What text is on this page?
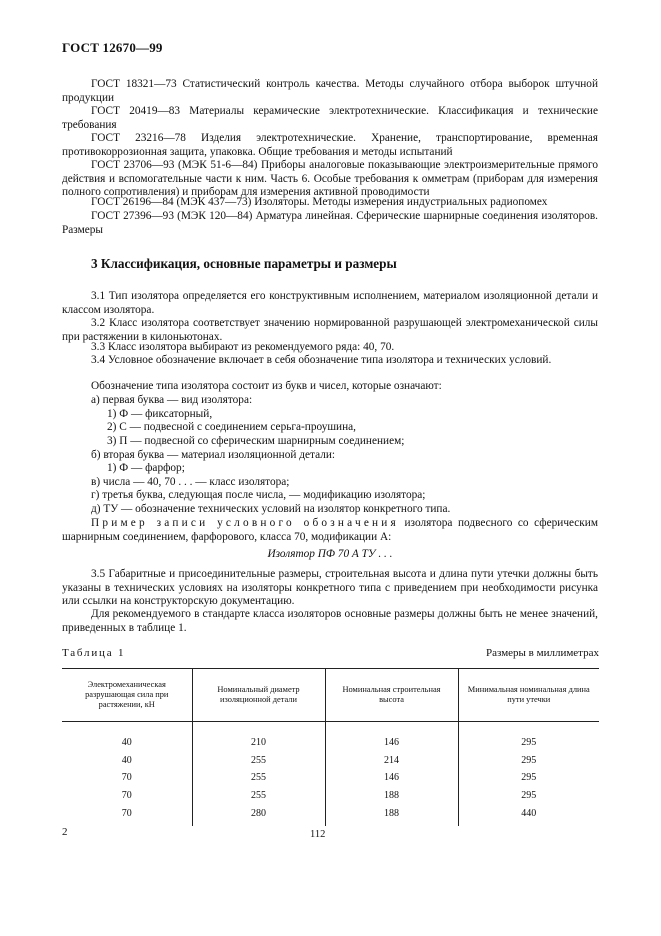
ГОСТ 12670—99
ГОСТ 18321—73 Статистический контроль качества. Методы случайного отбора выборок штучной продукции
ГОСТ 20419—83 Материалы керамические электротехнические. Классификация и технические требования
ГОСТ 23216—78 Изделия электротехнические. Хранение, транспортирование, временная противокоррозионная защита, упаковка. Общие требования и методы испытаний
ГОСТ 23706—93 (МЭК 51-6—84) Приборы аналоговые показывающие электроизмерительные прямого действия и вспомогательные части к ним. Часть 6. Особые требования к омметрам (приборам для измерения полного сопротивления) и приборам для измерения активной проводимости
ГОСТ 26196—84 (МЭК 437—73) Изоляторы. Методы измерения индустриальных радиопомех
ГОСТ 27396—93 (МЭК 120—84) Арматура линейная. Сферические шарнирные соединения изоляторов. Размеры
3 Классификация, основные параметры и размеры
3.1 Тип изолятора определяется его конструктивным исполнением, материалом изоляционной детали и классом изолятора.
3.2 Класс изолятора соответствует значению нормированной разрушающей электромеханической силы при растяжении в килоньютонах.
3.3 Класс изолятора выбирают из рекомендуемого ряда: 40, 70.
3.4 Условное обозначение включает в себя обозначение типа изолятора и технических условий.
Обозначение типа изолятора состоит из букв и чисел, которые означают:
а) первая буква — вид изолятора:
1) Ф — фиксаторный,
2) С — подвесной с соединением серьга-проушина,
3) П — подвесной со сферическим шарнирным соединением;
б) вторая буква — материал изоляционной детали:
1) Ф — фарфор;
в) числа — 40, 70 . . . — класс изолятора;
г) третья буква, следующая после числа, — модификацию изолятора;
д) ТУ — обозначение технических условий на изолятор конкретного типа.
Пример записи условного обозначения изолятора подвесного со сферическим шарнирным соединением, фарфорового, класса 70, модификации А:
Изолятор ПФ 70 А ТУ . . .
3.5 Габаритные и присоединительные размеры, строительная высота и длина пути утечки должны быть указаны в технических условиях на изоляторы конкретного типа с приведением при необходимости рисунка или ссылки на конструкторскую документацию.
Для рекомендуемого в стандарте класса изоляторов основные размеры должны быть не менее значений, приведенных в таблице 1.
Таблица 1	Размеры в миллиметрах
Электромеханическая разрушающая сила при растяжении, кН	Номинальный диаметр изоляционной детали	Номинальная строительная высота	Минимальная номинальная длина пути утечки
40	210	146	295
40	255	214	295
70	255	146	295
70	255	188	295
70	280	188	440
2	112
